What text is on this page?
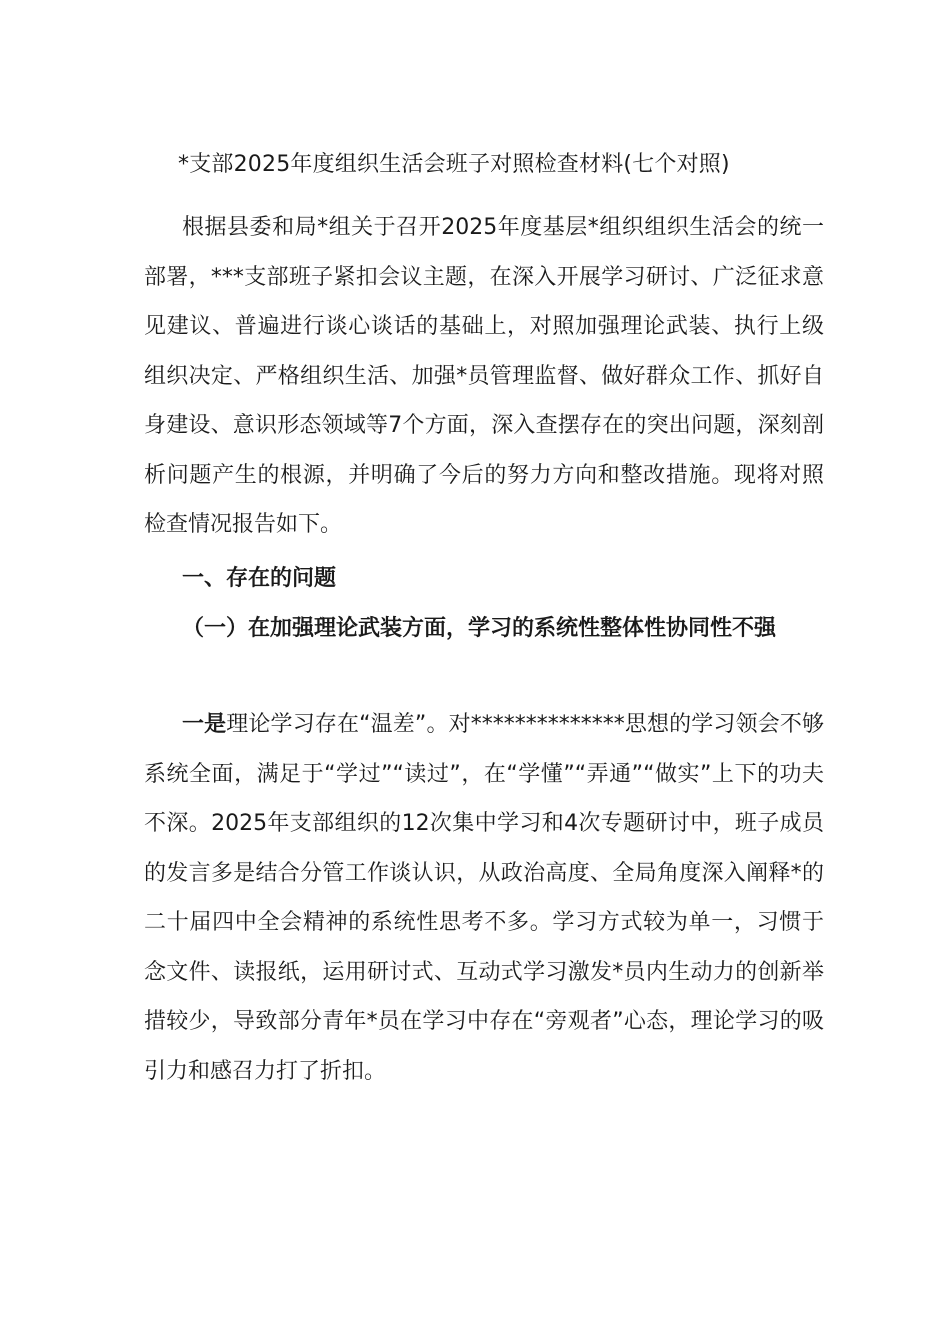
*支部2025年度组织生活会班子对照检查材料(七个对照)

根据县委和局*组关于召开2025年度基层*组织组织生活会的统一部署，***支部班子紧扣会议主题，在深入开展学习研讨、广泛征求意见建议、普遍进行谈心谈话的基础上，对照加强理论武装、执行上级组织决定、严格组织生活、加强*员管理监督、做好群众工作、抓好自身建设、意识形态领域等7个方面，深入查摆存在的突出问题，深刻剖析问题产生的根源，并明确了今后的努力方向和整改措施。现将对照检查情况报告如下。

一、存在的问题
（一）在加强理论武装方面，学习的系统性整体性协同性不强

一是理论学习存在“温差”。对**************思想的学习领会不够系统全面，满足于“学过”“读过”，在“学懂”“弄通”“做实”上下的功夫不深。2025年支部组织的12次集中学习和4次专题研讨中，班子成员的发言多是结合分管工作谈认识，从政治高度、全局角度深入阐释*的二十届四中全会精神的系统性思考不多。学习方式较为单一，习惯于念文件、读报纸，运用研讨式、互动式学习激发*员内生动力的创新举措较少，导致部分青年*员在学习中存在“旁观者”心态，理论学习的吸引力和感召力打了折扣。
